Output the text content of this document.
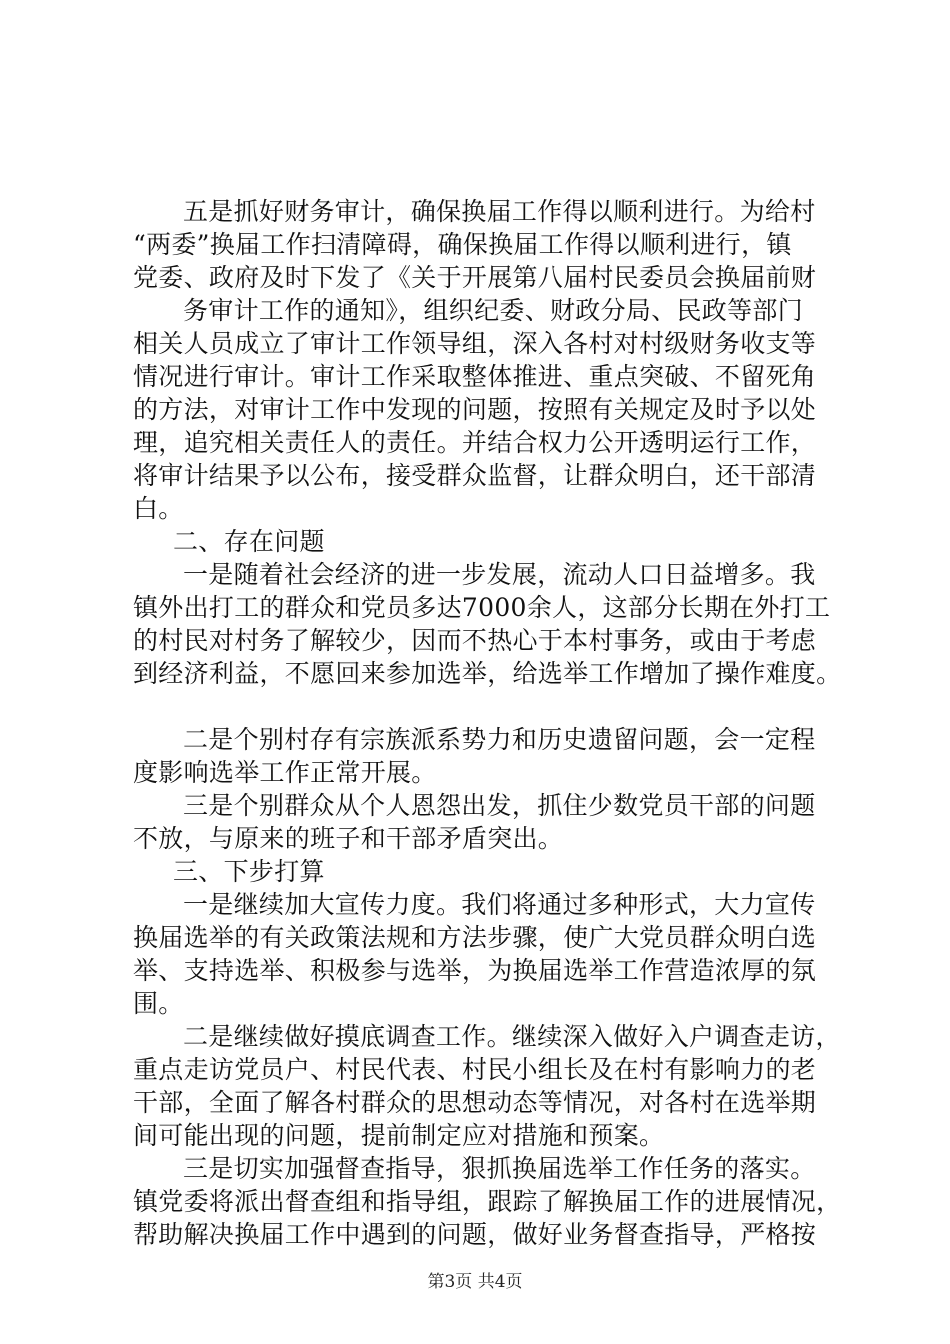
五是抓好财务审计，确保换届工作得以顺利进行。为给村
“两委”换届工作扫清障碍，确保换届工作得以顺利进行，镇
党委、政府及时下发了《关于开展第八届村民委员会换届前财
务审计工作的通知》，组织纪委、财政分局、民政等部门
相关人员成立了审计工作领导组，深入各村对村级财务收支等
情况进行审计。审计工作采取整体推进、重点突破、不留死角
的方法，对审计工作中发现的问题，按照有关规定及时予以处
理，追究相关责任人的责任。并结合权力公开透明运行工作，
将审计结果予以公布，接受群众监督，让群众明白，还干部清
白。
二、存在问题
一是随着社会经济的进一步发展，流动人口日益增多。我
镇外出打工的群众和党员多达7000余人，这部分长期在外打工
的村民对村务了解较少，因而不热心于本村事务，或由于考虑
到经济利益，不愿回来参加选举，给选举工作增加了操作难度。
二是个别村存有宗族派系势力和历史遗留问题，会一定程
度影响选举工作正常开展。
三是个别群众从个人恩怨出发，抓住少数党员干部的问题
不放，与原来的班子和干部矛盾突出。
三、下步打算
一是继续加大宣传力度。我们将通过多种形式，大力宣传
换届选举的有关政策法规和方法步骤，使广大党员群众明白选
举、支持选举、积极参与选举，为换届选举工作营造浓厚的氛
围。
二是继续做好摸底调查工作。继续深入做好入户调查走访，
重点走访党员户、村民代表、村民小组长及在村有影响力的老
干部，全面了解各村群众的思想动态等情况，对各村在选举期
间可能出现的问题，提前制定应对措施和预案。
三是切实加强督查指导，狠抓换届选举工作任务的落实。
镇党委将派出督查组和指导组，跟踪了解换届工作的进展情况，
帮助解决换届工作中遇到的问题，做好业务督查指导，严格按
第3页 共4页
